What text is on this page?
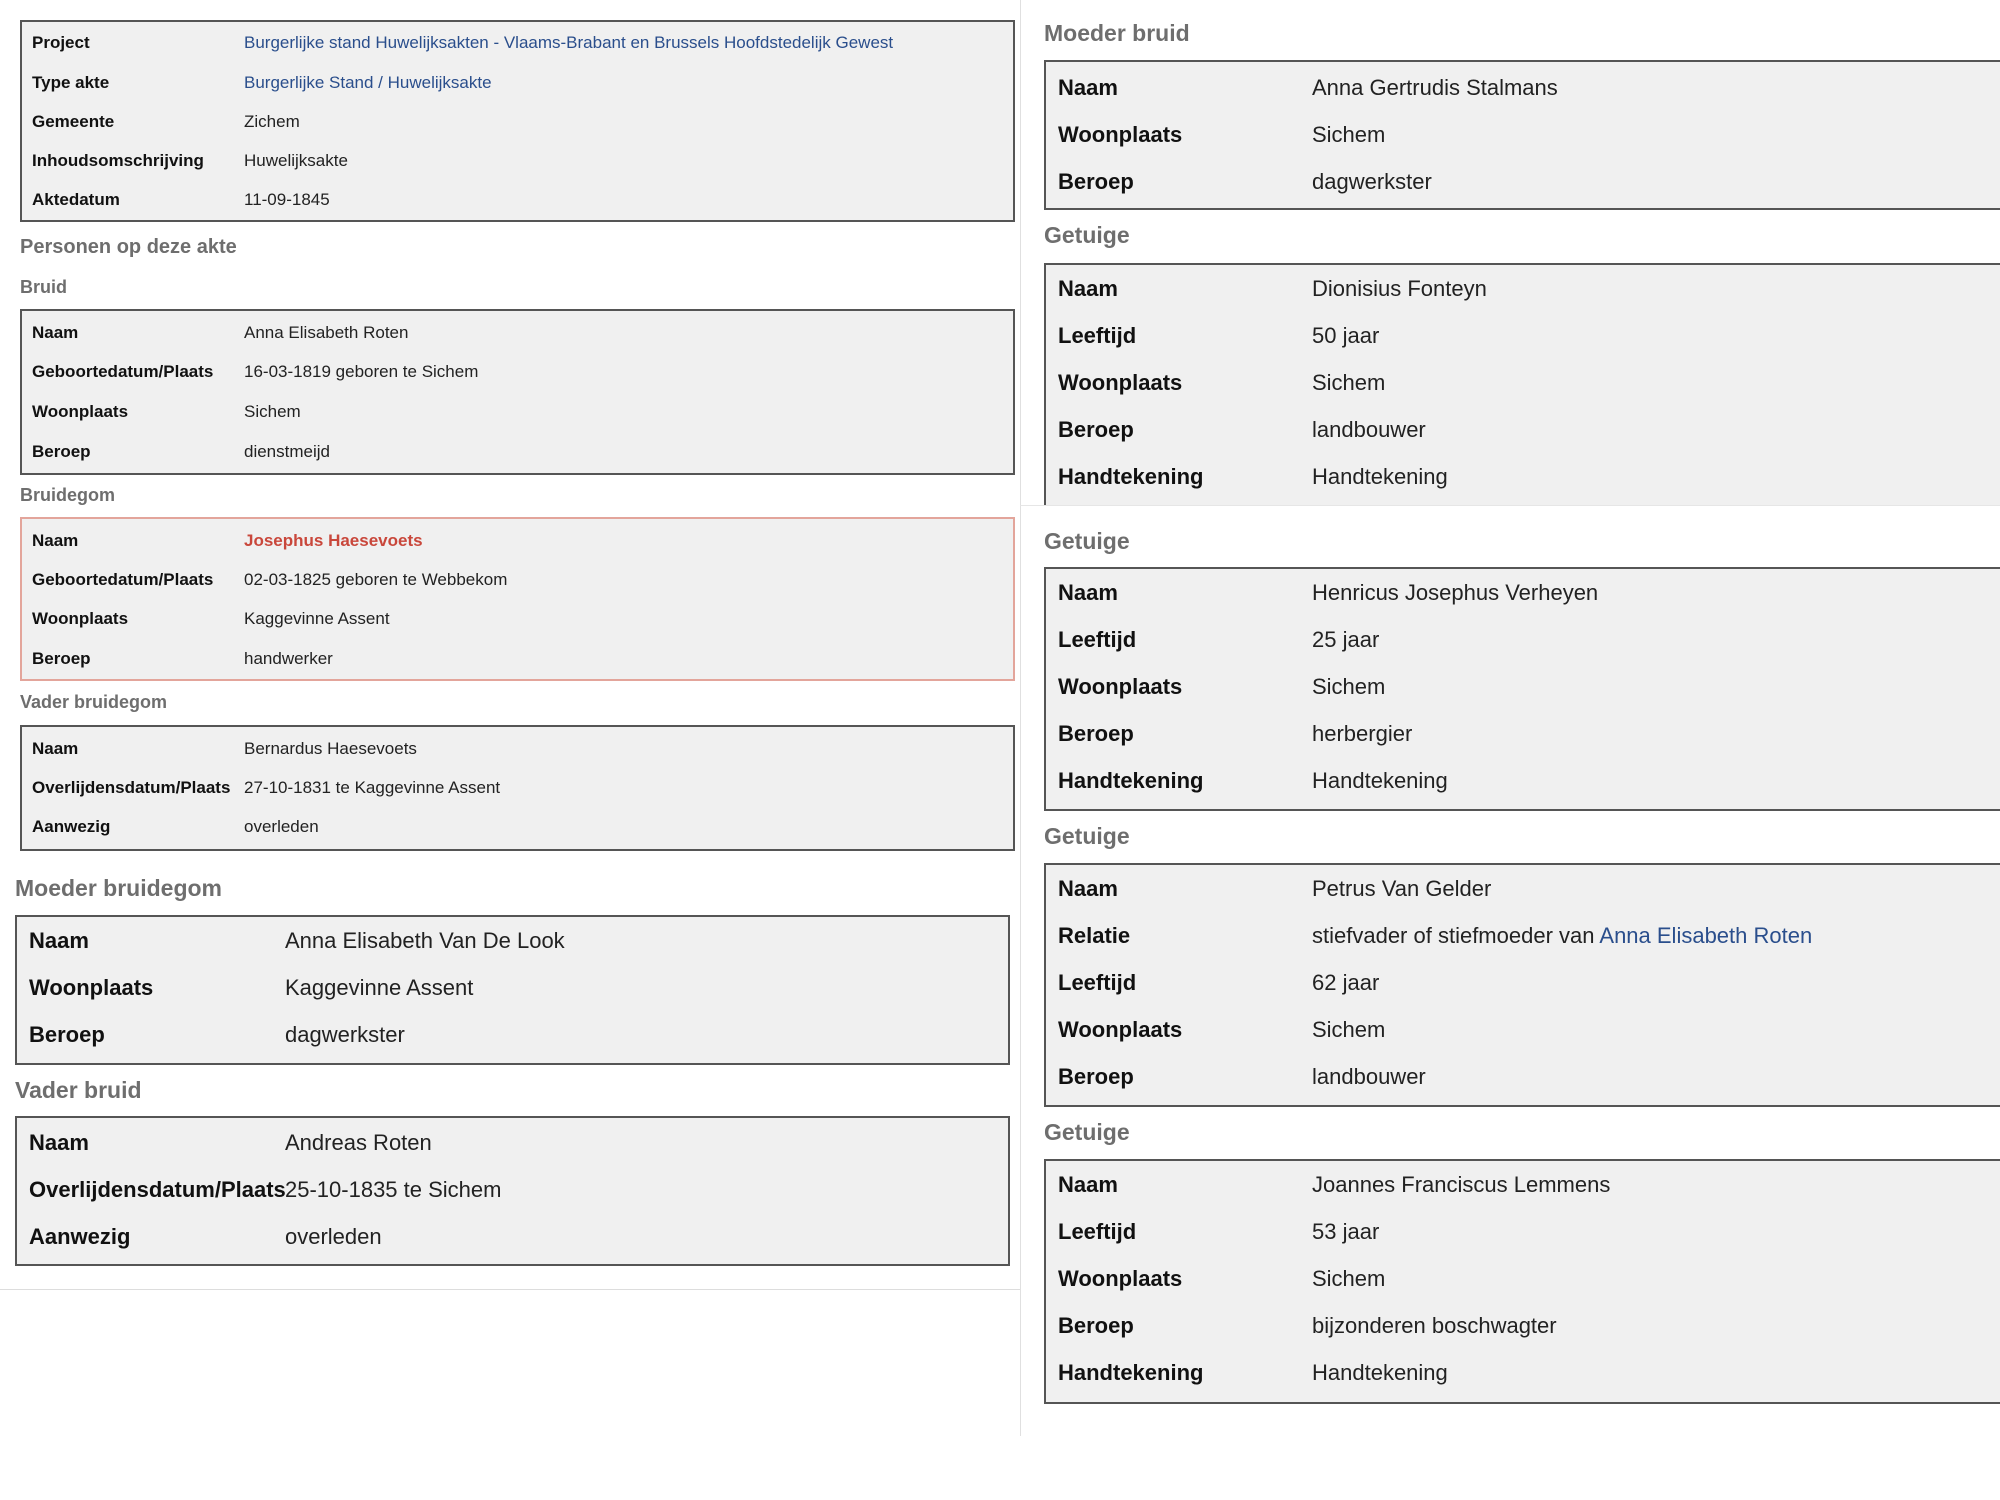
Project	Burgerlijke stand Huwelijksakten - Vlaams-Brabant en Brussels Hoofdstedelijk Gewest
Type akte	Burgerlijke Stand / Huwelijksakte
Gemeente	Zichem
Inhoudsomschrijving Huwelijksakte
Aktedatum	11-09-1845
Personen op deze akte
Bruid
Naam	Anna Elisabeth Roten
Geboortedatum/Plaats 16-03-1819 geboren te Sichem
Woonplaats	Sichem
Beroep	dienstmeijd
Bruidegom
Naam	Josephus Haesevoets
Geboortedatum/Plaats 02-03-1825 geboren te Webbekom
Woonplaats	Kaggevinne Assent
Beroep	handwerker
Vader bruidegom
Naam	Bernardus Haesevoets
Overlijdensdatum/Plaats 27-10-1831 te Kaggevinne Assent
Aanwezig	overleden
Moeder bruidegom
Naam	Anna Elisabeth Van De Look
Woonplaats	Kaggevinne Assent
Beroep	dagwerkster
Vader bruid
Naam	Andreas Roten
Overlijdensdatum/Plaats 25-10-1835 te Sichem
Aanwezig	overleden
Moeder bruid
Naam	Anna Gertrudis Stalmans
Woonplaats	Sichem
Beroep	dagwerkster
Getuige
Naam	Dionisius Fonteyn
Leeftijd	50 jaar
Woonplaats	Sichem
Beroep	landbouwer
Handtekening	Handtekening
Getuige
Naam	Henricus Josephus Verheyen
Leeftijd	25 jaar
Woonplaats	Sichem
Beroep	herbergier
Handtekening	Handtekening
Getuige
Naam	Petrus Van Gelder
Relatie	stiefvader of stiefmoeder van Anna Elisabeth Roten
Leeftijd	62 jaar
Woonplaats	Sichem
Beroep	landbouwer
Getuige
Naam	Joannes Franciscus Lemmens
Leeftijd	53 jaar
Woonplaats	Sichem
Beroep	bijzonderen boschwagter
Handtekening	Handtekening
